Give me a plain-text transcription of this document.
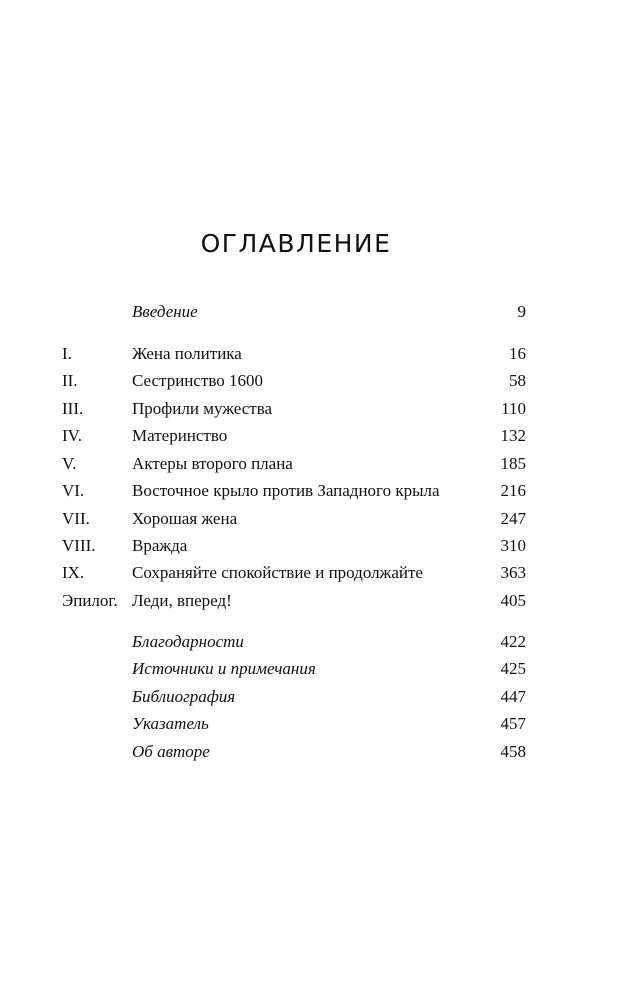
ОГЛАВЛЕНИЕ
Введение	9
I.	Жена политика	16
II.	Сестринство 1600	58
III.	Профили мужества	110
IV.	Материнство	132
V.	Актеры второго плана	185
VI.	Восточное крыло против Западного крыла	216
VII. Хорошая жена	247
VIII. Вражда	310
IX.	Сохраняйте спокойствие и продолжайте	363
Эпилог. Леди, вперед!	405
Благодарности	422
Источники и примечания	425
Библиография	447
Указатель	457
Об авторе	458
